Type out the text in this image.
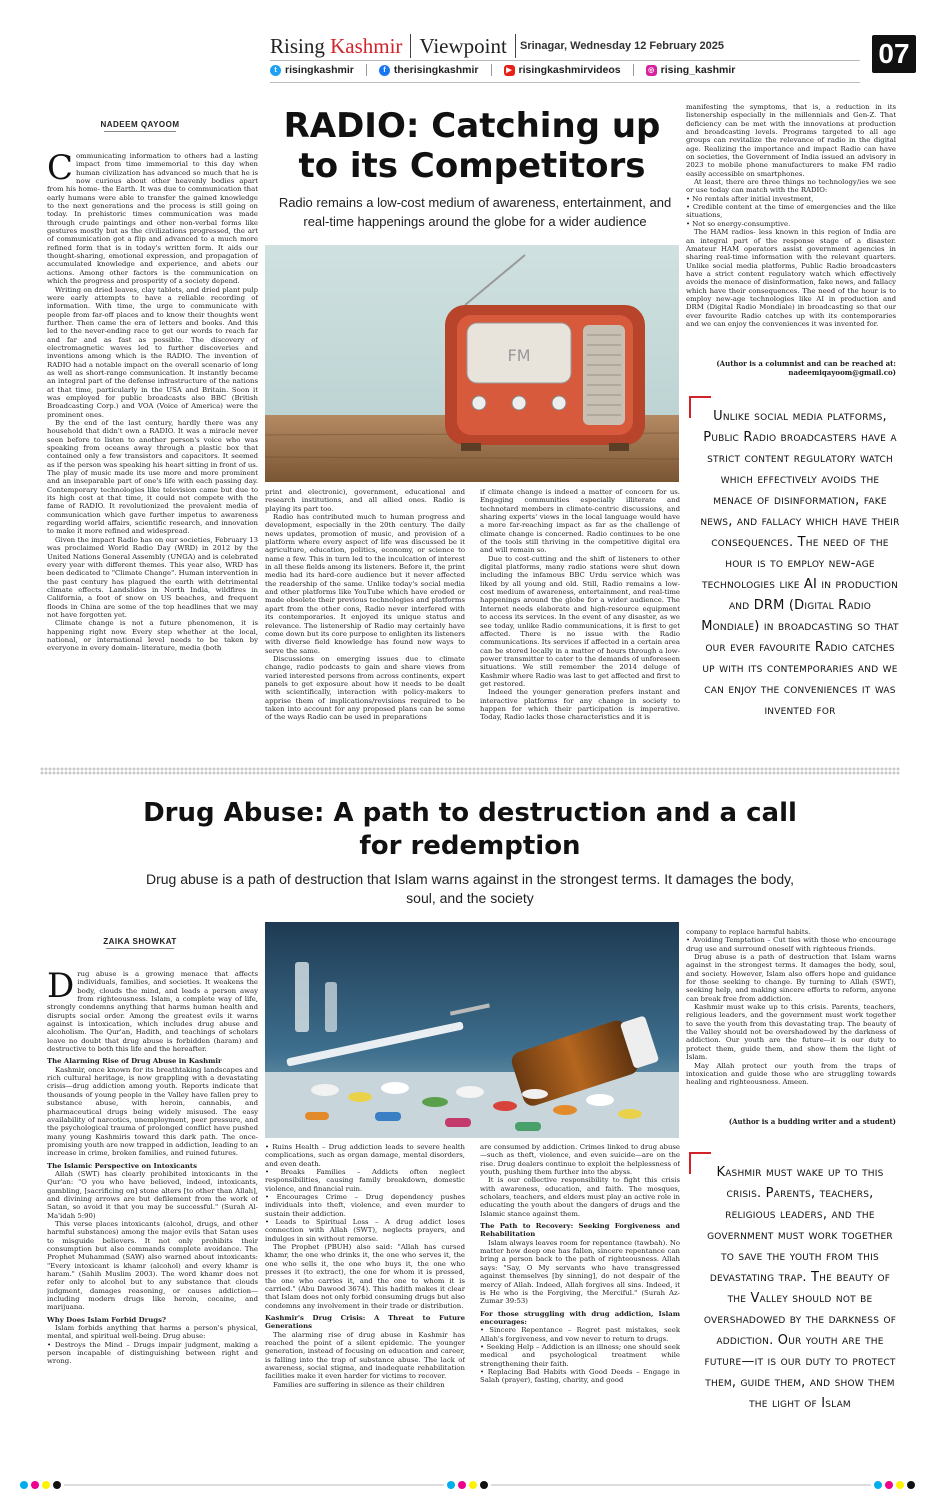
Rising Kashmir Viewpoint Srinagar, Wednesday 12 February 2025	07
t risingkashmir	f therisingkashmir	▶ risingkashmirvideos	◎ rising_kashmir
NADEEM QAYOOM	RADIO: Catching up to its Competitors
Radio remains a low-cost medium of awareness, entertainment, and real-time happenings around the globe for a wider audience

Communicating information to others had a lasting impact from time immemorial to this day when human civilization has advanced so much that he is now curious about other heavenly bodies apart from his home- the Earth. It was due to communication that early humans were able to transfer the gained knowledge to the next generations and the process is still going on today. In prehistoric times communication was made through crude paintings and other non-verbal forms like gestures mostly but as the civilizations progressed, the art of communication got a flip and advanced to a much more refined form that is in today's written form. It aids our thought-sharing, emotional expression, and propagation of accumulated knowledge and experience, and abets our actions. Among other factors is the communication on which the progress and prosperity of a society depend.

Writing on dried leaves, clay tablets, and dried plant pulp were early attempts to have a reliable recording of information. With time, the urge to communicate with people from far-off places and to know their thoughts went further. Then came the era of letters and books. And this led to the never-ending race to get our words to reach far and far and as fast as possible. The discovery of electromagnetic waves led to further discoveries and inventions among which is the RADIO. The invention of RADIO had a notable impact on the overall scenario of long as well as short-range communication. It instantly became an integral part of the defense infrastructure of the nations at that time, particularly in the USA and Britain. Soon it was employed for public broadcasts also BBC (British Broadcasting Corp.) and VOA (Voice of America) were the prominent ones.

By the end of the last century, hardly there was any household that didn't own a RADIO. It was a miracle never seen before to listen to another person's voice who was speaking from oceans away through a plastic box that contained only a few transistors and capacitors. It seemed as if the person was speaking his heart sitting in front of us. The play of music made its use more and more prominent and an inseparable part of one's life with each passing day. Contemporary technologies like television came but due to its high cost at that time, it could not compete with the fame of RADIO. It revolutionized the prevalent media of communication which gave further impetus to awareness regarding world affairs, scientific research, and innovation to make it more refined and widespread.

Given the impact Radio has on our societies, February 13 was proclaimed World Radio Day (WRD) in 2012 by the United Nations General Assembly (UNGA) and is celebrated every year with different themes. This year also, WRD has been dedicated to "Climate Change". Human intervention in the past century has plagued the earth with detrimental climate effects. Landslides in North India, wildfires in California, a foot of snow on US beaches, and frequent floods in China are some of the top headlines that we may not have forgotten yet.

Climate change is not a future phenomenon, it is happening right now. Every step whether at the local, national, or international level needs to be taken by everyone in every domain- literature, media (both

FM

print and electronic), government, educational and research institutions, and all allied ones. Radio is playing its part too.

Radio has contributed much to human progress and development, especially in the 20th century. The daily news updates, promotion of music, and provision of a platform where every aspect of life was discussed be it agriculture, education, politics, economy, or science to name a few. This in turn led to the inculcation of interest in all these fields among its listeners. Before it, the print media had its hard-core audience but it never affected the readership of the same. Unlike today's social media and other platforms like YouTube which have eroded or made obsolete their previous technologies and platforms apart from the other cons, Radio never interfered with its contemporaries. It enjoyed its unique status and relevance. The listenership of Radio may certainly have come down but its core purpose to enlighten its listeners with diverse field knowledge has found new ways to serve the same.

Discussions on emerging issues due to climate change, radio podcasts to gain and share views from varied interested persons from across continents, expert panels to get exposure about how it needs to be dealt with scientifically, interaction with policy-makers to apprise them of implications/revisions required to be taken into account for any proposed plans can be some of the ways Radio can be used in preparations

if climate change is indeed a matter of concern for us. Engaging communities especially illiterate and technotard members in climate-centric discussions, and sharing experts' views in the local language would have a more far-reaching impact as far as the challenge of climate change is concerned. Radio continues to be one of the tools still thriving in the competitive digital era and will remain so.

Due to cost-cutting and the shift of listeners to other digital platforms, many radio stations were shut down including the infamous BBC Urdu service which was liked by all young and old. Still, Radio remains a low-cost medium of awareness, entertainment, and real-time happenings around the globe for a wider audience. The Internet needs elaborate and high-resource equipment to access its services. In the event of any disaster, as we see today, unlike Radio communications, it is first to get affected. There is no issue with the Radio communications. Its services if affected in a certain area can be stored locally in a matter of hours through a low-power transmitter to cater to the demands of unforeseen situations. We still remember the 2014 deluge of Kashmir where Radio was last to get affected and first to get restored.

Indeed the younger generation prefers instant and interactive platforms for any change in society to happen for which their participation is imperative. Today, Radio lacks those characteristics and it is

manifesting the symptoms, that is, a reduction in its listenership especially in the millennials and Gen-Z. That deficiency can be met with the innovations at production and broadcasting levels. Programs targeted to all age groups can revitalize the relevance of radio in the digital age. Realizing the importance and impact Radio can have on societies, the Government of India issued an advisory in 2023 to mobile phone manufacturers to make FM radio easily accessible on smartphones.

At least, there are three things no technology/ies we see or use today can match with the RADIO:

• No rentals after initial investment,

• Credible content at the time of emergencies and the like situations,

• Not so energy-consumptive.

The HAM radios- less known in this region of India are an integral part of the response stage of a disaster. Amateur HAM operators assist government agencies in sharing real-time information with the relevant quarters. Unlike social media platforms, Public Radio broadcasters have a strict content regulatory watch which effectively avoids the menace of disinformation, fake news, and fallacy which have their consequences. The need of the hour is to employ new-age technologies like AI in production and DRM (Digital Radio Mondiale) in broadcasting so that our ever favourite Radio catches up with its contemporaries and we can enjoy the conveniences it was invented for.

(Author is a columnist and can be reached at: nadeemiqayoom@gmail.co)
Unlike social media platforms, Public Radio broadcasters have a strict content regulatory watch which effectively avoids the menace of disinformation, fake news, and fallacy which have their consequences. The need of the hour is to employ new-age technologies like AI in production and DRM (Digital Radio Mondiale) in broadcasting so that our ever favourite Radio catches up with its contemporaries and we can enjoy the conveniences it was invented for
Drug Abuse: A path to destruction and a call for redemption
Drug abuse is a path of destruction that Islam warns against in the strongest terms. It damages the body, soul, and the society
ZAIKA SHOWKAT

Drug abuse is a growing menace that affects individuals, families, and societies. It weakens the body, clouds the mind, and leads a person away from righteousness. Islam, a complete way of life, strongly condemns anything that harms human health and disrupts social order. Among the greatest evils it warns against is intoxication, which includes drug abuse and alcoholism. The Qur'an, Hadith, and teachings of scholars leave no doubt that drug abuse is forbidden (haram) and destructive to both this life and the hereafter.

The Alarming Rise of Drug Abuse in Kashmir

Kashmir, once known for its breathtaking landscapes and rich cultural heritage, is now grappling with a devastating crisis—drug addiction among youth. Reports indicate that thousands of young people in the Valley have fallen prey to substance abuse, with heroin, cannabis, and pharmaceutical drugs being widely misused. The easy availability of narcotics, unemployment, peer pressure, and the psychological trauma of prolonged conflict have pushed many young Kashmiris toward this dark path. The once-promising youth are now trapped in addiction, leading to an increase in crime, broken families, and ruined futures.

The Islamic Perspective on Intoxicants

Allah (SWT) has clearly prohibited intoxicants in the Qur'an: "O you who have believed, indeed, intoxicants, gambling, [sacrificing on] stone alters [to other than Allah], and divining arrows are but defilement from the work of Satan, so avoid it that you may be successful." (Surah Al-Ma'idah 5:90)

This verse places intoxicants (alcohol, drugs, and other harmful substances) among the major evils that Satan uses to misguide believers. It not only prohibits their consumption but also commands complete avoidance. The Prophet Muhammad (SAW) also warned about intoxicants: "Every intoxicant is khamr (alcohol) and every khamr is haram." (Sahih Muslim 2003). The word khamr does not refer only to alcohol but to any substance that clouds judgment, damages reasoning, or causes addiction—including modern drugs like heroin, cocaine, and marijuana.

Why Does Islam Forbid Drugs?

Islam forbids anything that harms a person's physical, mental, and spiritual well-being. Drug abuse:

• Destroys the Mind – Drugs impair judgment, making a person incapable of distinguishing between right and wrong.

• Ruins Health – Drug addiction leads to severe health complications, such as organ damage, mental disorders, and even death.

• Breaks Families – Addicts often neglect responsibilities, causing family breakdown, domestic violence, and financial ruin.

• Encourages Crime – Drug dependency pushes individuals into theft, violence, and even murder to sustain their addiction.

• Leads to Spiritual Loss – A drug addict loses connection with Allah (SWT), neglects prayers, and indulges in sin without remorse.

The Prophet (PBUH) also said: "Allah has cursed khamr, the one who drinks it, the one who serves it, the one who sells it, the one who buys it, the one who presses it (to extract), the one for whom it is pressed, the one who carries it, and the one to whom it is carried." (Abu Dawood 3674). This hadith makes it clear that Islam does not only forbid consuming drugs but also condemns any involvement in their trade or distribution.

Kashmir's Drug Crisis: A Threat to Future Generations

The alarming rise of drug abuse in Kashmir has reached the point of a silent epidemic. The younger generation, instead of focusing on education and career, is falling into the trap of substance abuse. The lack of awareness, social stigma, and inadequate rehabilitation facilities make it even harder for victims to recover.

Families are suffering in silence as their children

are consumed by addiction. Crimes linked to drug abuse—such as theft, violence, and even suicide—are on the rise. Drug dealers continue to exploit the helplessness of youth, pushing them further into the abyss.

It is our collective responsibility to fight this crisis with awareness, education, and faith. The mosques, scholars, teachers, and elders must play an active role in educating the youth about the dangers of drugs and the Islamic stance against them.

The Path to Recovery: Seeking Forgiveness and Rehabilitation

Islam always leaves room for repentance (tawbah). No matter how deep one has fallen, sincere repentance can bring a person back to the path of righteousness. Allah says: "Say, O My servants who have transgressed against themselves [by sinning], do not despair of the mercy of Allah. Indeed, Allah forgives all sins. Indeed, it is He who is the Forgiving, the Merciful." (Surah Az-Zumar 39:53)

For those struggling with drug addiction, Islam encourages:

• Sincere Repentance – Regret past mistakes, seek Allah's forgiveness, and vow never to return to drugs.

• Seeking Help – Addiction is an illness; one should seek medical and psychological treatment while strengthening their faith.

• Replacing Bad Habits with Good Deeds – Engage in Salah (prayer), fasting, charity, and good

company to replace harmful habits.

• Avoiding Temptation – Cut ties with those who encourage drug use and surround oneself with righteous friends.

Drug abuse is a path of destruction that Islam warns against in the strongest terms. It damages the body, soul, and society. However, Islam also offers hope and guidance for those seeking to change. By turning to Allah (SWT), seeking help, and making sincere efforts to reform, anyone can break free from addiction.

Kashmir must wake up to this crisis. Parents, teachers, religious leaders, and the government must work together to save the youth from this devastating trap. The beauty of the Valley should not be overshadowed by the darkness of addiction. Our youth are the future—it is our duty to protect them, guide them, and show them the light of Islam.

May Allah protect our youth from the traps of intoxication and guide those who are struggling towards healing and righteousness. Ameen.

(Author is a budding writer and a student)
Kashmir must wake up to this crisis. Parents, teachers, religious leaders, and the government must work together to save the youth from this devastating trap. The beauty of the Valley should not be overshadowed by the darkness of addiction. Our youth are the future—it is our duty to protect them, guide them, and show them the light of Islam
